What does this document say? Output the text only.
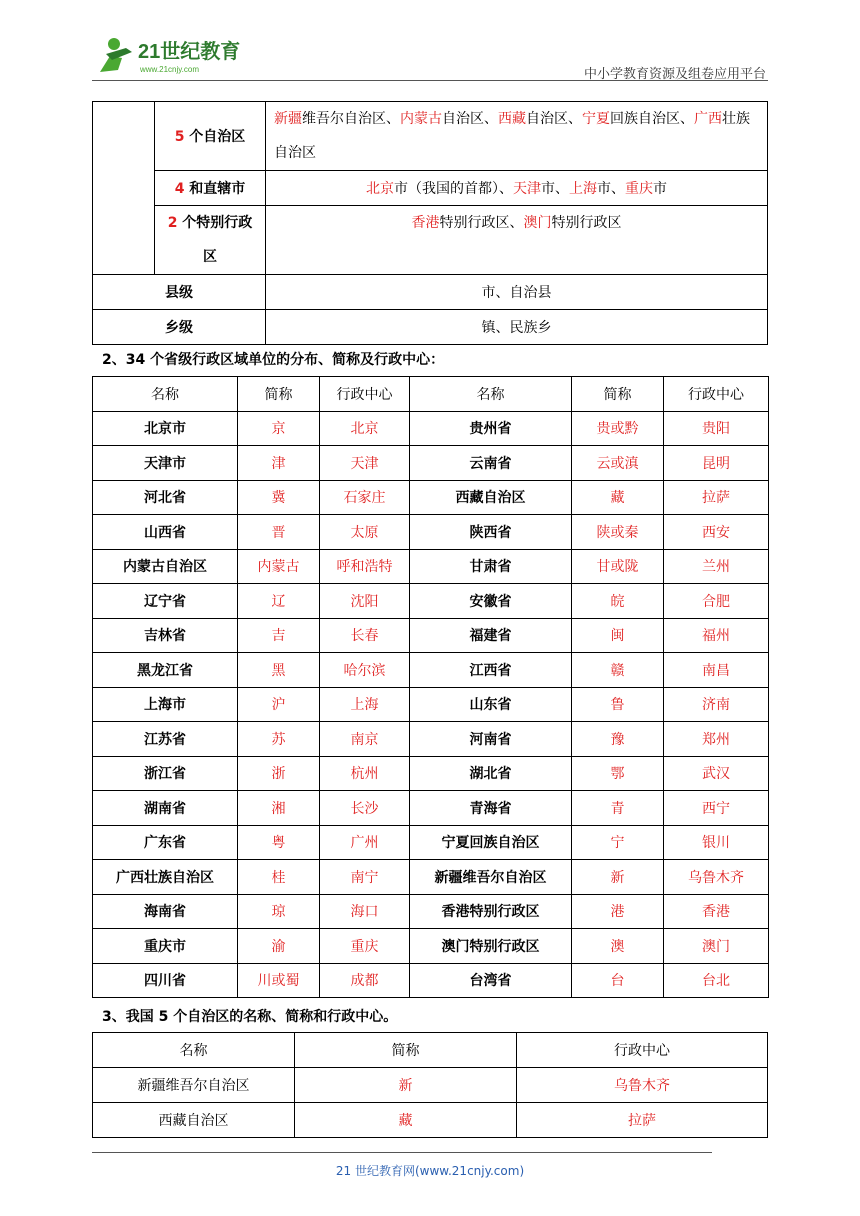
21世纪教育
www.21cnjy.com	中小学教育资源及组卷应用平台
	5 个自治区	新疆维吾尔自治区、内蒙古自治区、西藏自治区、宁夏回族自治区、广西壮族自治区
	4 和直辖市	北京市（我国的首都）、天津市、上海市、重庆市
	2 个特别行政
区	香港特别行政区、澳门特别行政区
县级		市、自治县
乡级		镇、民族乡
2、34 个省级行政区域单位的分布、简称及行政中心：
名称	简称	行政中心	名称	简称	行政中心
北京市	京	北京	贵州省	贵或黔	贵阳
天津市	津	天津	云南省	云或滇	昆明
河北省	冀	石家庄	西藏自治区	藏	拉萨
山西省	晋	太原	陕西省	陕或秦	西安
内蒙古自治区	内蒙古	呼和浩特	甘肃省	甘或陇	兰州
辽宁省	辽	沈阳	安徽省	皖	合肥
吉林省	吉	长春	福建省	闽	福州
黑龙江省	黑	哈尔滨	江西省	赣	南昌
上海市	沪	上海	山东省	鲁	济南
江苏省	苏	南京	河南省	豫	郑州
浙江省	浙	杭州	湖北省	鄂	武汉
湖南省	湘	长沙	青海省	青	西宁
广东省	粤	广州	宁夏回族自治区	宁	银川
广西壮族自治区	桂	南宁	新疆维吾尔自治区	新	乌鲁木齐
海南省	琼	海口	香港特别行政区	港	香港
重庆市	渝	重庆	澳门特别行政区	澳	澳门
四川省	川或蜀	成都	台湾省	台	台北
3、我国 5 个自治区的名称、简称和行政中心。
名称	简称	行政中心
新疆维吾尔自治区	新	乌鲁木齐
西藏自治区	藏	拉萨
21 世纪教育网(www.21cnjy.com)
